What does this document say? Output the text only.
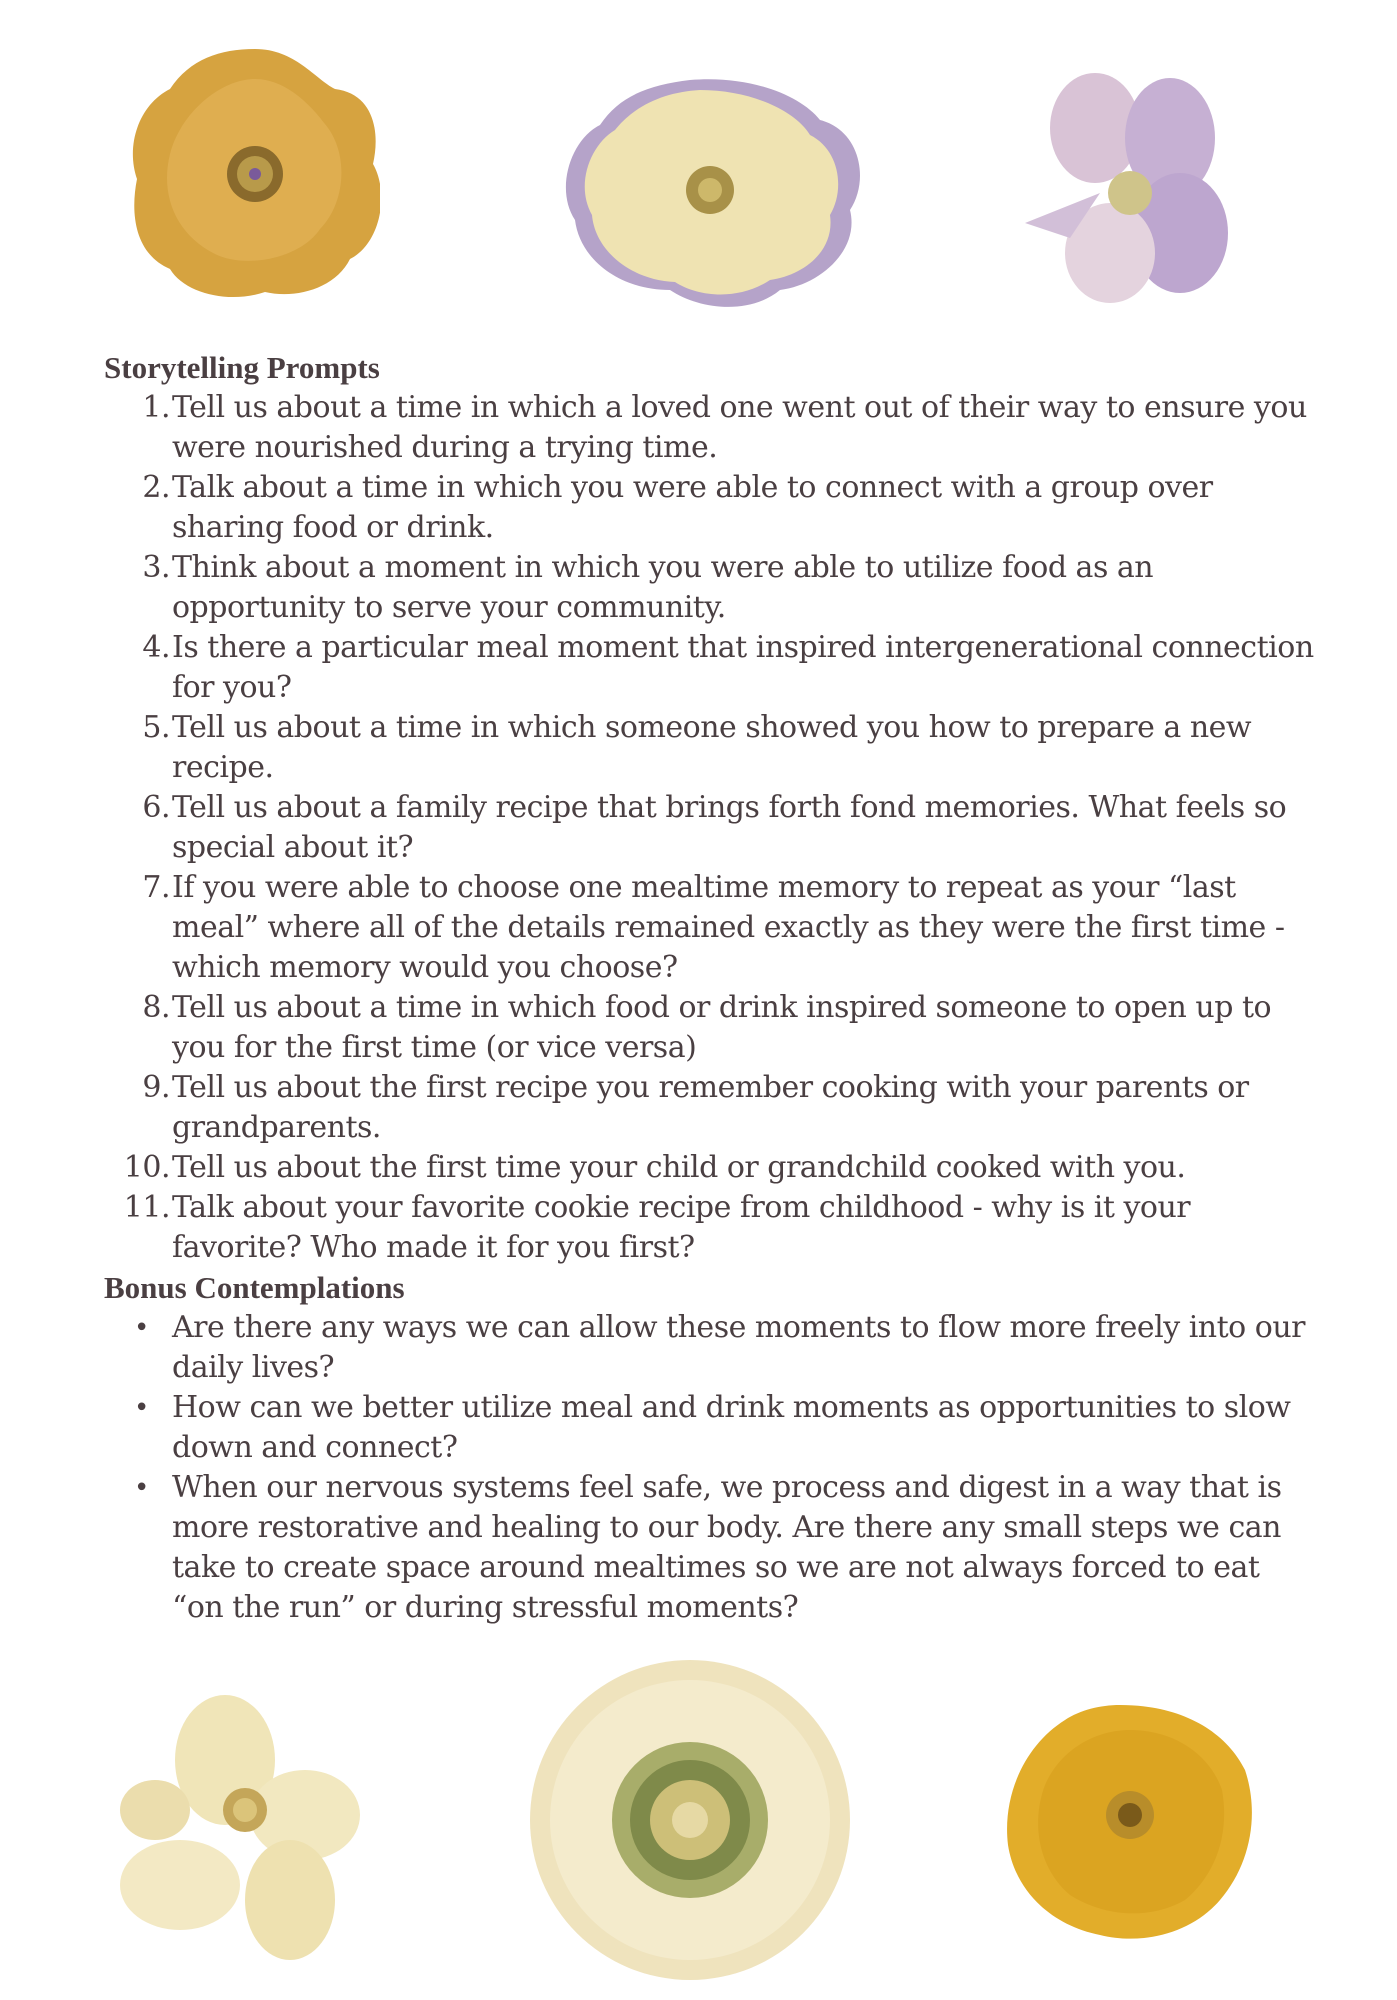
Storytelling Prompts
1. Tell us about a time in which a loved one went out of their way to ensure you were nourished during a trying time.
2. Talk about a time in which you were able to connect with a group over sharing food or drink.
3. Think about a moment in which you were able to utilize food as an opportunity to serve your community.
4. Is there a particular meal moment that inspired intergenerational connection for you?
5. Tell us about a time in which someone showed you how to prepare a new recipe.
6. Tell us about a family recipe that brings forth fond memories. What feels so special about it?
7. If you were able to choose one mealtime memory to repeat as your “last meal” where all of the details remained exactly as they were the first time - which memory would you choose?
8. Tell us about a time in which food or drink inspired someone to open up to you for the first time (or vice versa)
9. Tell us about the first recipe you remember cooking with your parents or grandparents.
10. Tell us about the first time your child or grandchild cooked with you.
11. Talk about your favorite cookie recipe from childhood - why is it your favorite? Who made it for you first?
Bonus Contemplations
• Are there any ways we can allow these moments to flow more freely into our daily lives?
• How can we better utilize meal and drink moments as opportunities to slow down and connect?
• When our nervous systems feel safe, we process and digest in a way that is more restorative and healing to our body. Are there any small steps we can take to create space around mealtimes so we are not always forced to eat “on the run” or during stressful moments?
